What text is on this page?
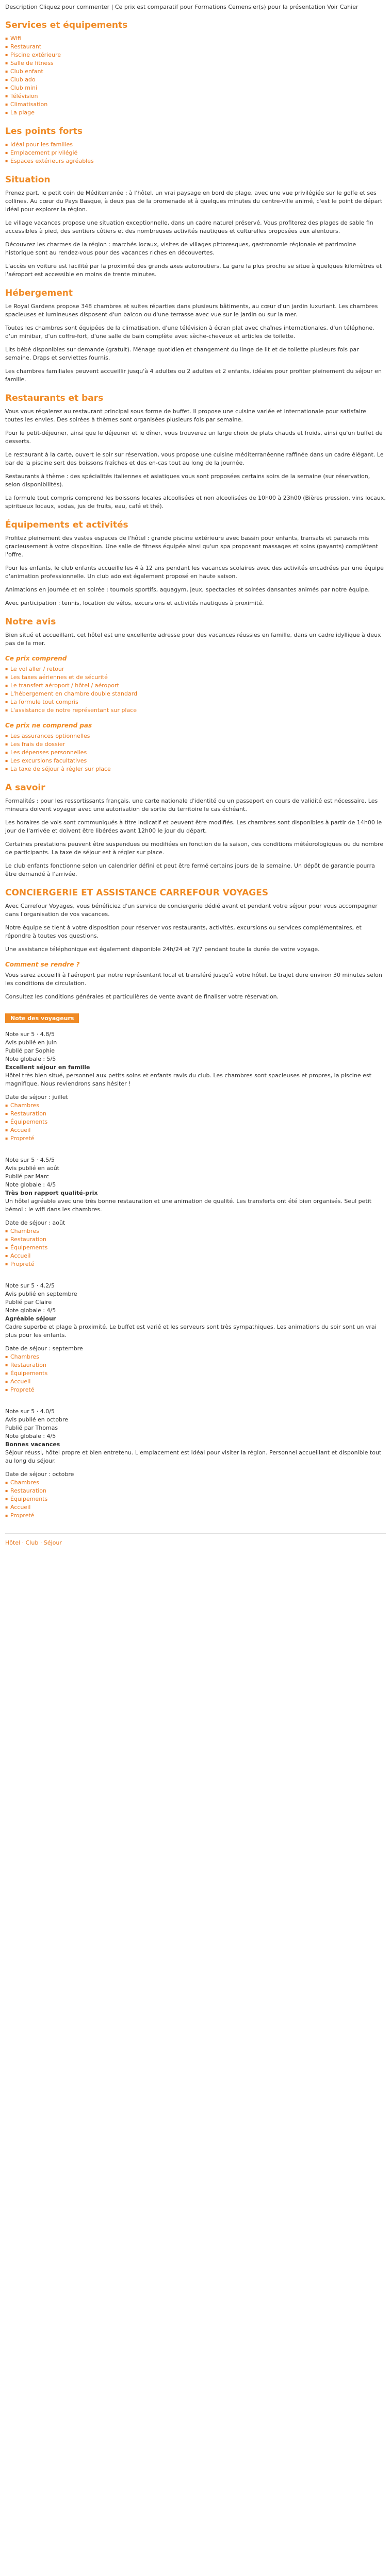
Description Cliquez pour commenter | Ce prix est comparatif pour Formations Cemensier(s) pour la présentation Voir Cahier

Services et équipements
▪ Wifi
▪ Restaurant
▪ Piscine extérieure
▪ Salle de fitness
▪ Club enfant
▪ Club ado
▪ Club mini
▪ Télévision
▪ Climatisation
▪ La plage
Les points forts
▪ Idéal pour les familles
▪ Emplacement privilégié
▪ Espaces extérieurs agréables
Situation

Prenez part, le petit coin de Méditerranée : à l'hôtel, un vrai paysage en bord de plage, avec une vue privilégiée sur le golfe et ses collines. Au cœur du Pays Basque, à deux pas de la promenade et à quelques minutes du centre-ville animé, c'est le point de départ idéal pour explorer la région.

Le village vacances propose une situation exceptionnelle, dans un cadre naturel préservé. Vous profiterez des plages de sable fin accessibles à pied, des sentiers côtiers et des nombreuses activités nautiques et culturelles proposées aux alentours.

Découvrez les charmes de la région : marchés locaux, visites de villages pittoresques, gastronomie régionale et patrimoine historique sont au rendez-vous pour des vacances riches en découvertes.

L'accès en voiture est facilité par la proximité des grands axes autoroutiers. La gare la plus proche se situe à quelques kilomètres et l'aéroport est accessible en moins de trente minutes.

Hébergement

Le Royal Gardens propose 348 chambres et suites réparties dans plusieurs bâtiments, au cœur d'un jardin luxuriant. Les chambres spacieuses et lumineuses disposent d'un balcon ou d'une terrasse avec vue sur le jardin ou sur la mer.

Toutes les chambres sont équipées de la climatisation, d'une télévision à écran plat avec chaînes internationales, d'un téléphone, d'un minibar, d'un coffre-fort, d'une salle de bain complète avec sèche-cheveux et articles de toilette.

Lits bébé disponibles sur demande (gratuit). Ménage quotidien et changement du linge de lit et de toilette plusieurs fois par semaine. Draps et serviettes fournis.

Les chambres familiales peuvent accueillir jusqu'à 4 adultes ou 2 adultes et 2 enfants, idéales pour profiter pleinement du séjour en famille.

Restaurants et bars

Vous vous régalerez au restaurant principal sous forme de buffet. Il propose une cuisine variée et internationale pour satisfaire toutes les envies. Des soirées à thèmes sont organisées plusieurs fois par semaine.

Pour le petit-déjeuner, ainsi que le déjeuner et le dîner, vous trouverez un large choix de plats chauds et froids, ainsi qu'un buffet de desserts.

Le restaurant à la carte, ouvert le soir sur réservation, vous propose une cuisine méditerranéenne raffinée dans un cadre élégant. Le bar de la piscine sert des boissons fraîches et des en-cas tout au long de la journée.

Restaurants à thème : des spécialités italiennes et asiatiques vous sont proposées certains soirs de la semaine (sur réservation, selon disponibilités).

La formule tout compris comprend les boissons locales alcoolisées et non alcoolisées de 10h00 à 23h00 (Bières pression, vins locaux, spiritueux locaux, sodas, jus de fruits, eau, café et thé).

Équipements et activités

Profitez pleinement des vastes espaces de l'hôtel : grande piscine extérieure avec bassin pour enfants, transats et parasols mis gracieusement à votre disposition. Une salle de fitness équipée ainsi qu'un spa proposant massages et soins (payants) complètent l'offre.

Pour les enfants, le club enfants accueille les 4 à 12 ans pendant les vacances scolaires avec des activités encadrées par une équipe d'animation professionnelle. Un club ado est également proposé en haute saison.

Animations en journée et en soirée : tournois sportifs, aquagym, jeux, spectacles et soirées dansantes animés par notre équipe.

Avec participation : tennis, location de vélos, excursions et activités nautiques à proximité.

Notre avis

Bien situé et accueillant, cet hôtel est une excellente adresse pour des vacances réussies en famille, dans un cadre idyllique à deux pas de la mer.

Ce prix comprend
▪ Le vol aller / retour
▪ Les taxes aériennes et de sécurité
▪ Le transfert aéroport / hôtel / aéroport
▪ L'hébergement en chambre double standard
▪ La formule tout compris
▪ L'assistance de notre représentant sur place
Ce prix ne comprend pas
▪ Les assurances optionnelles
▪ Les frais de dossier
▪ Les dépenses personnelles
▪ Les excursions facultatives
▪ La taxe de séjour à régler sur place
A savoir

Formalités : pour les ressortissants français, une carte nationale d'identité ou un passeport en cours de validité est nécessaire. Les mineurs doivent voyager avec une autorisation de sortie du territoire le cas échéant.

Les horaires de vols sont communiqués à titre indicatif et peuvent être modifiés. Les chambres sont disponibles à partir de 14h00 le jour de l'arrivée et doivent être libérées avant 12h00 le jour du départ.

Certaines prestations peuvent être suspendues ou modifiées en fonction de la saison, des conditions météorologiques ou du nombre de participants. La taxe de séjour est à régler sur place.

Le club enfants fonctionne selon un calendrier défini et peut être fermé certains jours de la semaine. Un dépôt de garantie pourra être demandé à l'arrivée.

CONCIERGERIE ET ASSISTANCE CARREFOUR VOYAGES

Avec Carrefour Voyages, vous bénéficiez d'un service de conciergerie dédié avant et pendant votre séjour pour vous accompagner dans l'organisation de vos vacances.

Notre équipe se tient à votre disposition pour réserver vos restaurants, activités, excursions ou services complémentaires, et répondre à toutes vos questions.

Une assistance téléphonique est également disponible 24h/24 et 7j/7 pendant toute la durée de votre voyage.

Comment se rendre ?

Vous serez accueilli à l'aéroport par notre représentant local et transféré jusqu'à votre hôtel. Le trajet dure environ 30 minutes selon les conditions de circulation.

Consultez les conditions générales et particulières de vente avant de finaliser votre réservation.

Note des voyageurs
Note sur 5 · 4.8/5
Avis publié en juin
Publié par Sophie
Note globale : 5/5
Excellent séjour en famille

Hôtel très bien situé, personnel aux petits soins et enfants ravis du club. Les chambres sont spacieuses et propres, la piscine est magnifique. Nous reviendrons sans hésiter !

Date de séjour : juillet
▪ Chambres
▪ Restauration
▪ Équipements
▪ Accueil
▪ Propreté
Note sur 5 · 4.5/5
Avis publié en août
Publié par Marc
Note globale : 4/5
Très bon rapport qualité-prix

Un hôtel agréable avec une très bonne restauration et une animation de qualité. Les transferts ont été bien organisés. Seul petit bémol : le wifi dans les chambres.

Date de séjour : août
▪ Chambres
▪ Restauration
▪ Équipements
▪ Accueil
▪ Propreté
Note sur 5 · 4.2/5
Avis publié en septembre
Publié par Claire
Note globale : 4/5
Agréable séjour

Cadre superbe et plage à proximité. Le buffet est varié et les serveurs sont très sympathiques. Les animations du soir sont un vrai plus pour les enfants.

Date de séjour : septembre
▪ Chambres
▪ Restauration
▪ Équipements
▪ Accueil
▪ Propreté
Note sur 5 · 4.0/5
Avis publié en octobre
Publié par Thomas
Note globale : 4/5
Bonnes vacances

Séjour réussi, hôtel propre et bien entretenu. L'emplacement est idéal pour visiter la région. Personnel accueillant et disponible tout au long du séjour.

Date de séjour : octobre
▪ Chambres
▪ Restauration
▪ Équipements
▪ Accueil
▪ Propreté

Hôtel · Club · Séjour
